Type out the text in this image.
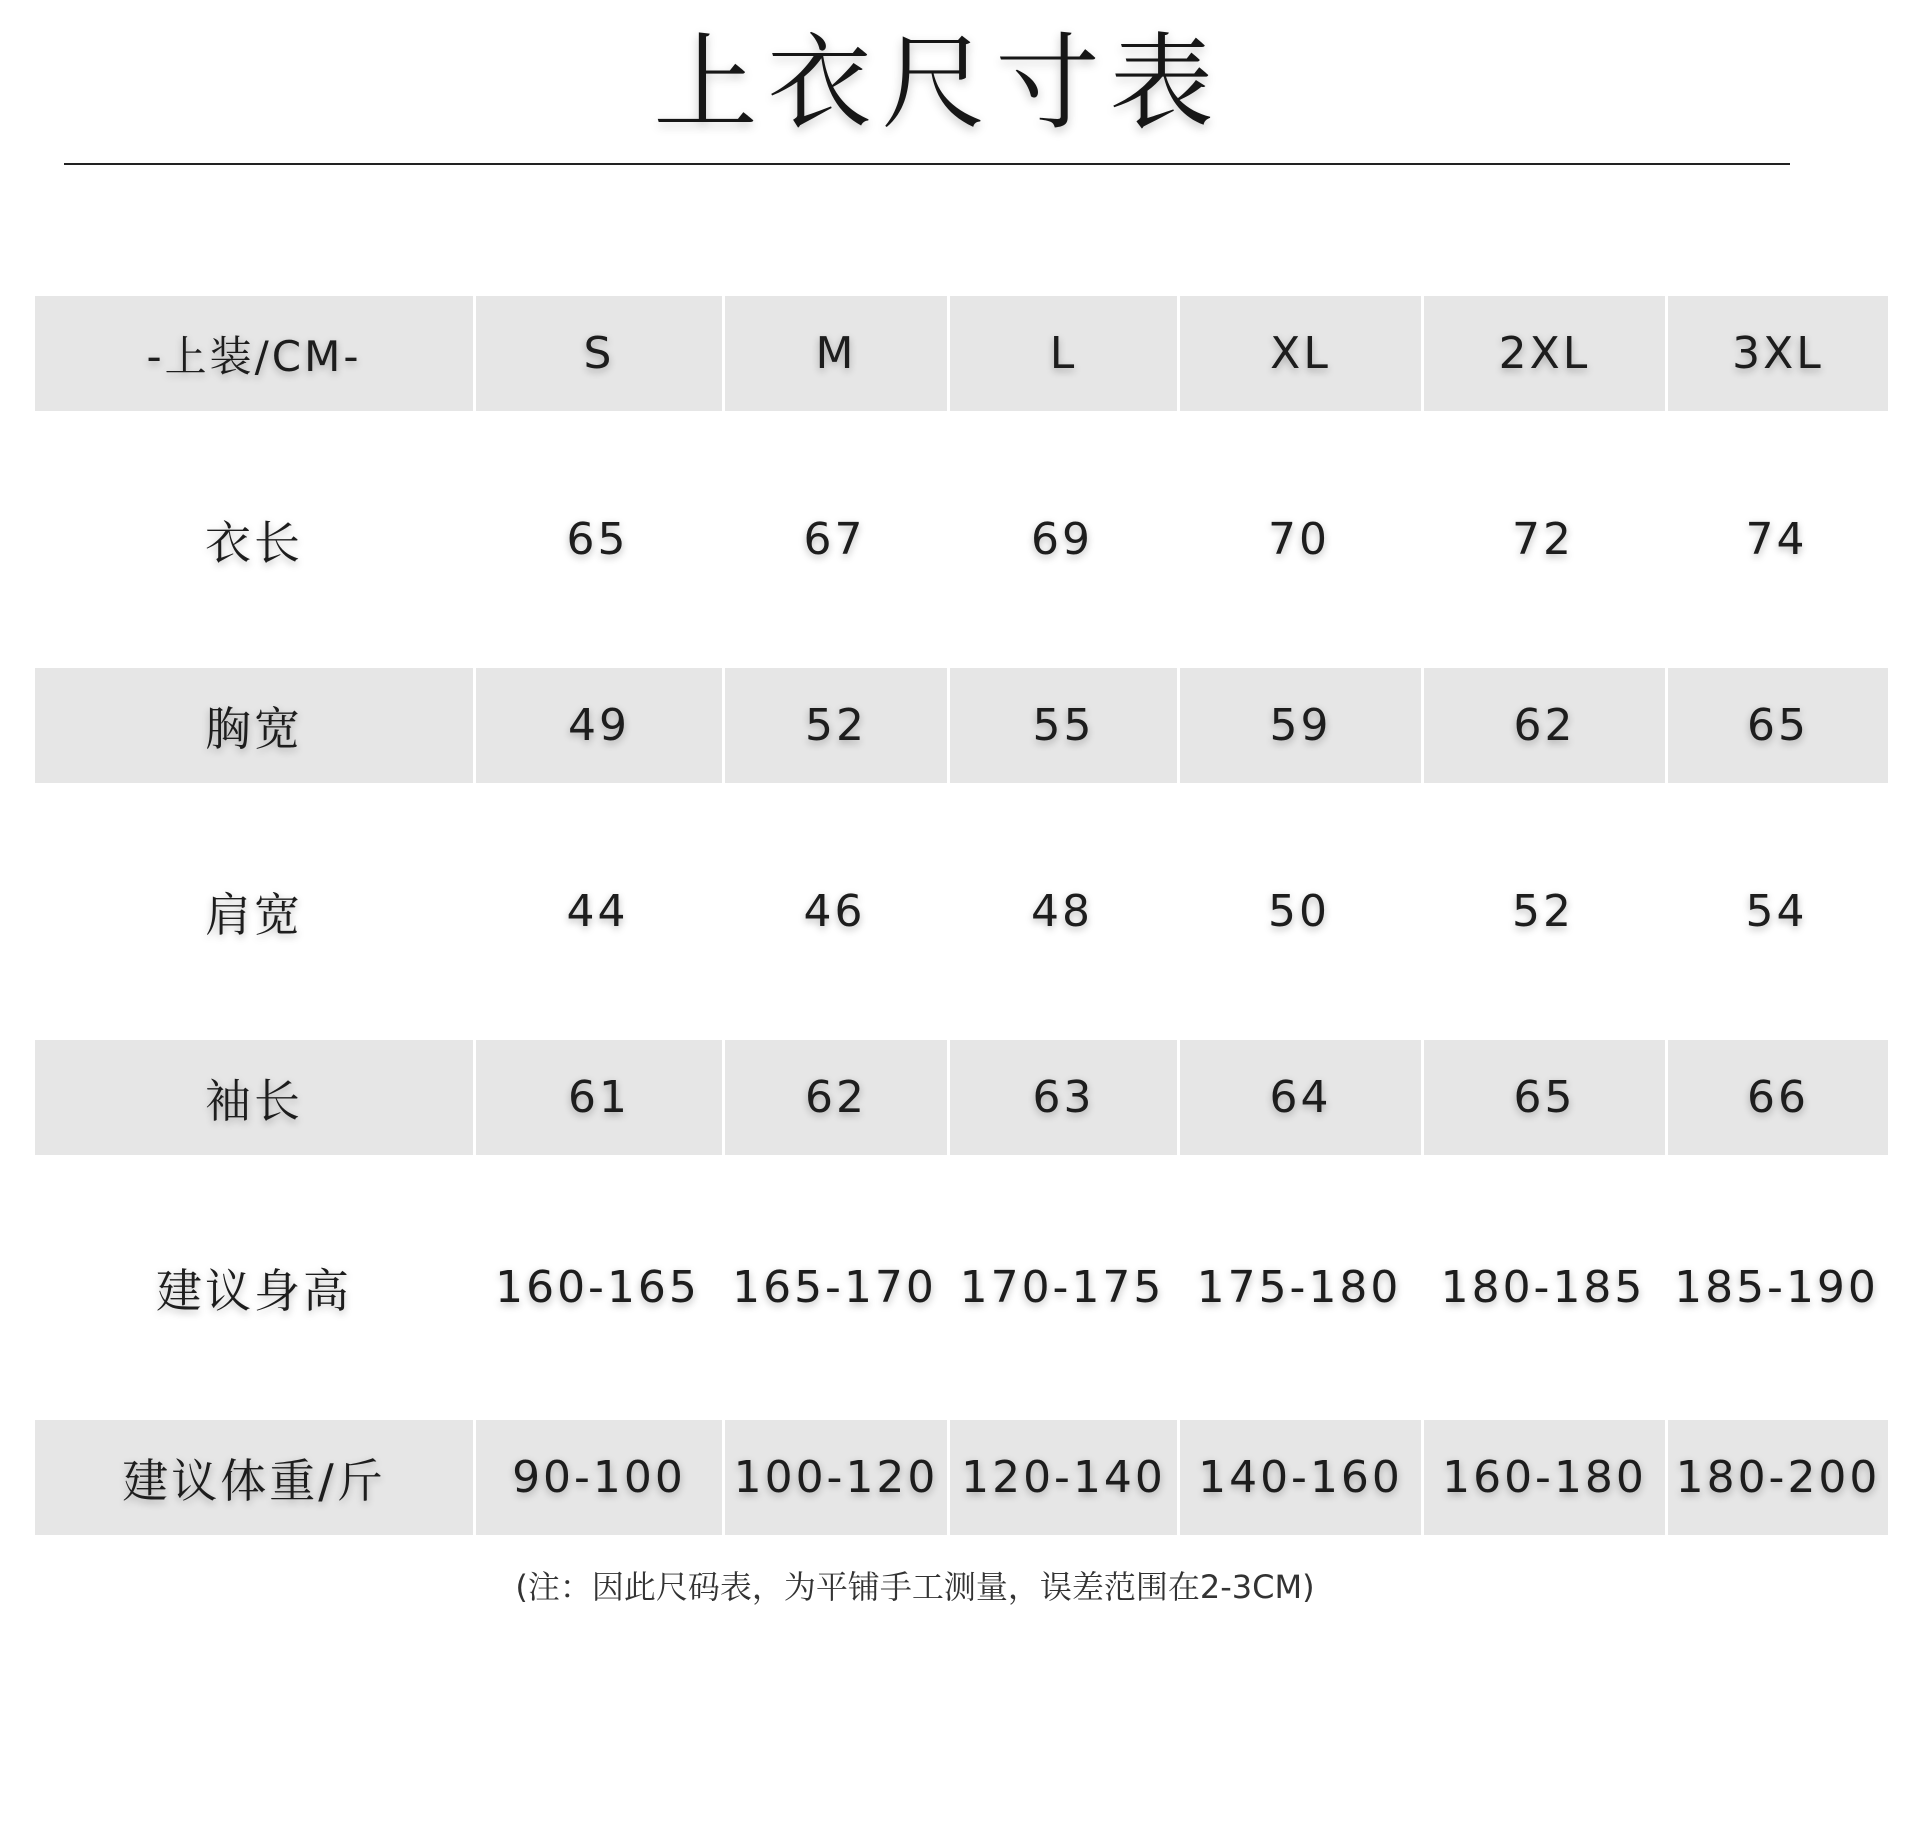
上衣尺寸表
-上装/CM-	S	M	L	XL	2XL	3XL
衣长	65	67	69	70	72	74
胸宽	49	52	55	59	62	65
肩宽	44	46	48	50	52	54
袖长	61	62	63	64	65	66
建议身高	160-165	165-170	170-175	175-180	180-185	185-190
建议体重/斤	90-100	100-120	120-140	140-160	160-180	180-200
(注：因此尺码表，为平铺手工测量，误差范围在2-3CM)
